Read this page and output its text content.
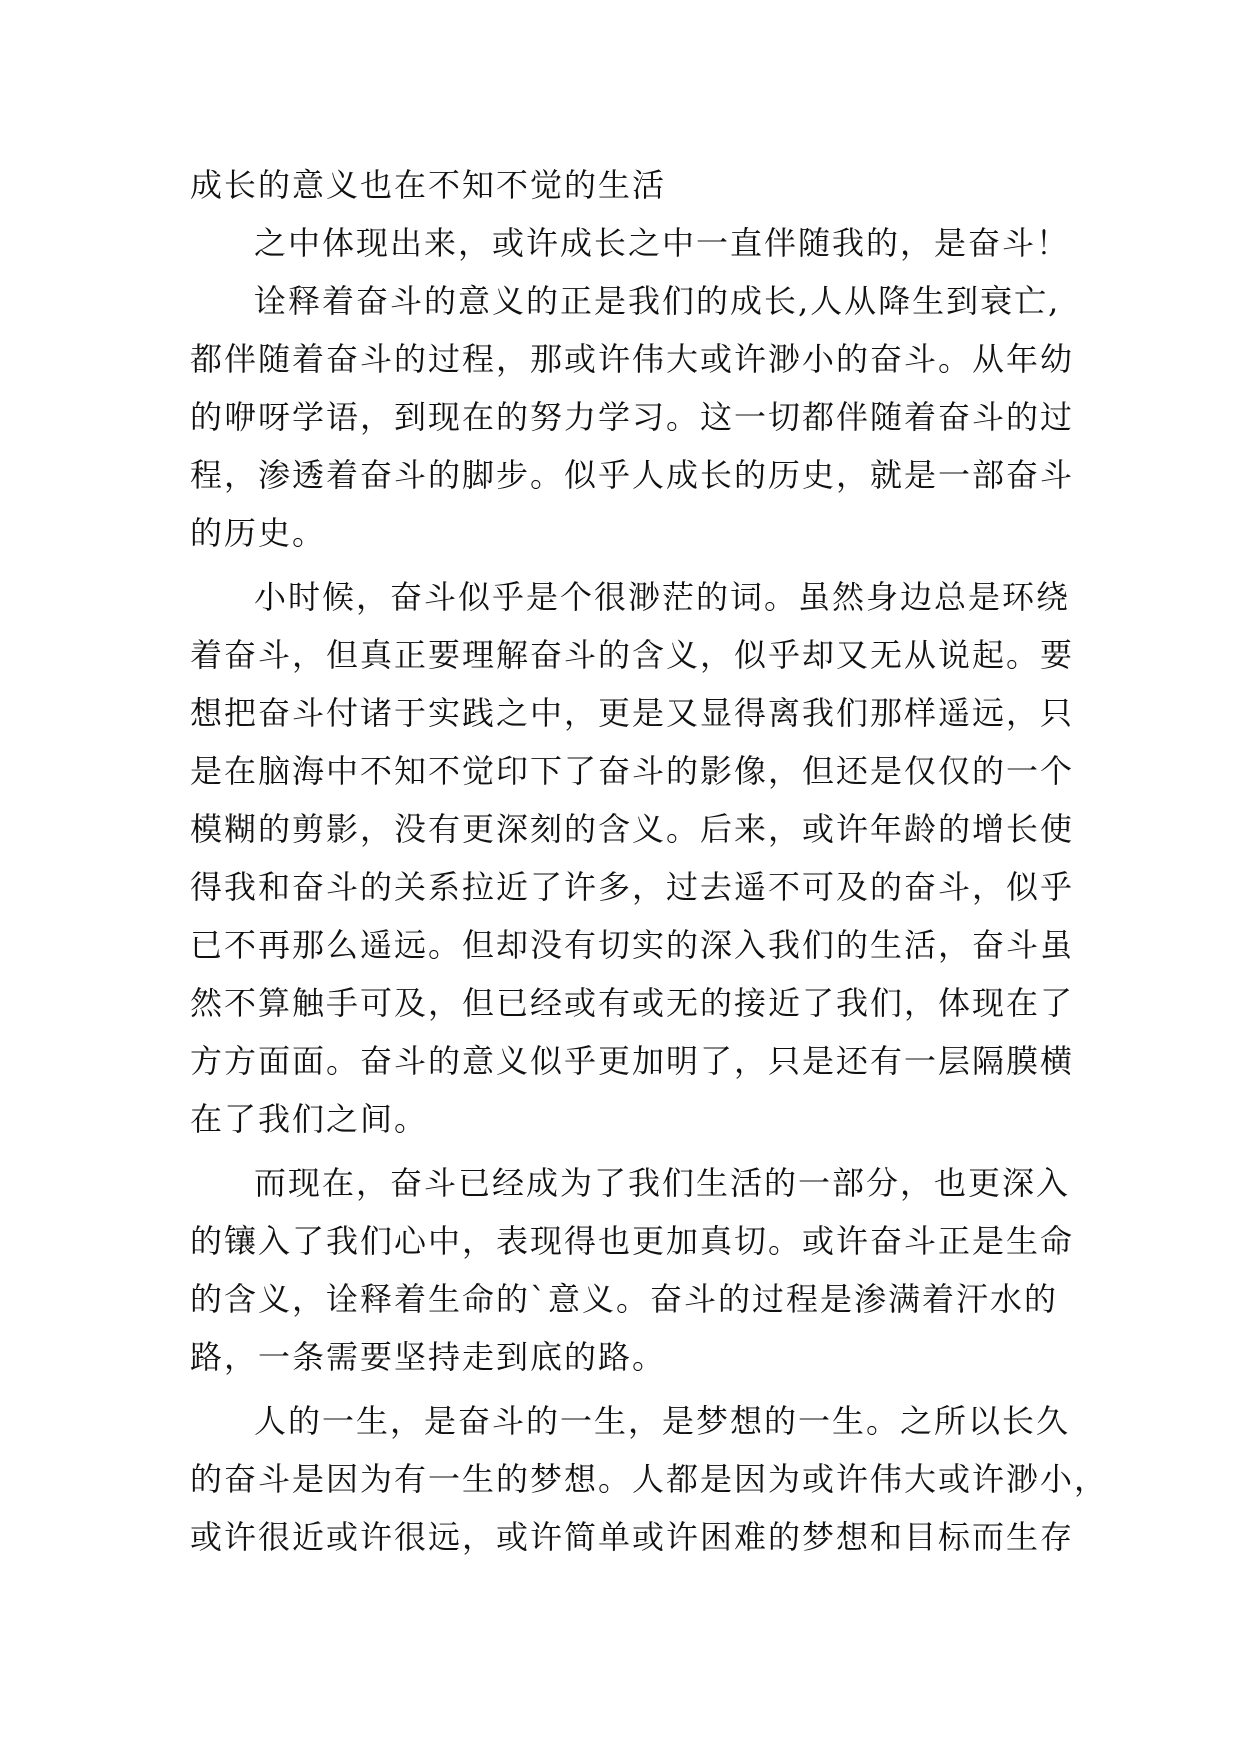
成长的意义也在不知不觉的生活
之中体现出来，或许成长之中一直伴随我的，是奋斗！
诠释着奋斗的意义的正是我们的成长,人从降生到衰亡,
都伴随着奋斗的过程，那或许伟大或许渺小的奋斗。从年幼
的咿呀学语，到现在的努力学习。这一切都伴随着奋斗的过
程，渗透着奋斗的脚步。似乎人成长的历史，就是一部奋斗
的历史。
小时候，奋斗似乎是个很渺茫的词。虽然身边总是环绕
着奋斗，但真正要理解奋斗的含义，似乎却又无从说起。要
想把奋斗付诸于实践之中，更是又显得离我们那样遥远，只
是在脑海中不知不觉印下了奋斗的影像，但还是仅仅的一个
模糊的剪影，没有更深刻的含义。后来，或许年龄的增长使
得我和奋斗的关系拉近了许多，过去遥不可及的奋斗，似乎
已不再那么遥远。但却没有切实的深入我们的生活，奋斗虽
然不算触手可及，但已经或有或无的接近了我们，体现在了
方方面面。奋斗的意义似乎更加明了，只是还有一层隔膜横
在了我们之间。
而现在，奋斗已经成为了我们生活的一部分，也更深入
的镶入了我们心中，表现得也更加真切。或许奋斗正是生命
的含义，诠释着生命的`意义。奋斗的过程是渗满着汗水的
路，一条需要坚持走到底的路。
人的一生，是奋斗的一生，是梦想的一生。之所以长久
的奋斗是因为有一生的梦想。人都是因为或许伟大或许渺小，
或许很近或许很远，或许简单或许困难的梦想和目标而生存
